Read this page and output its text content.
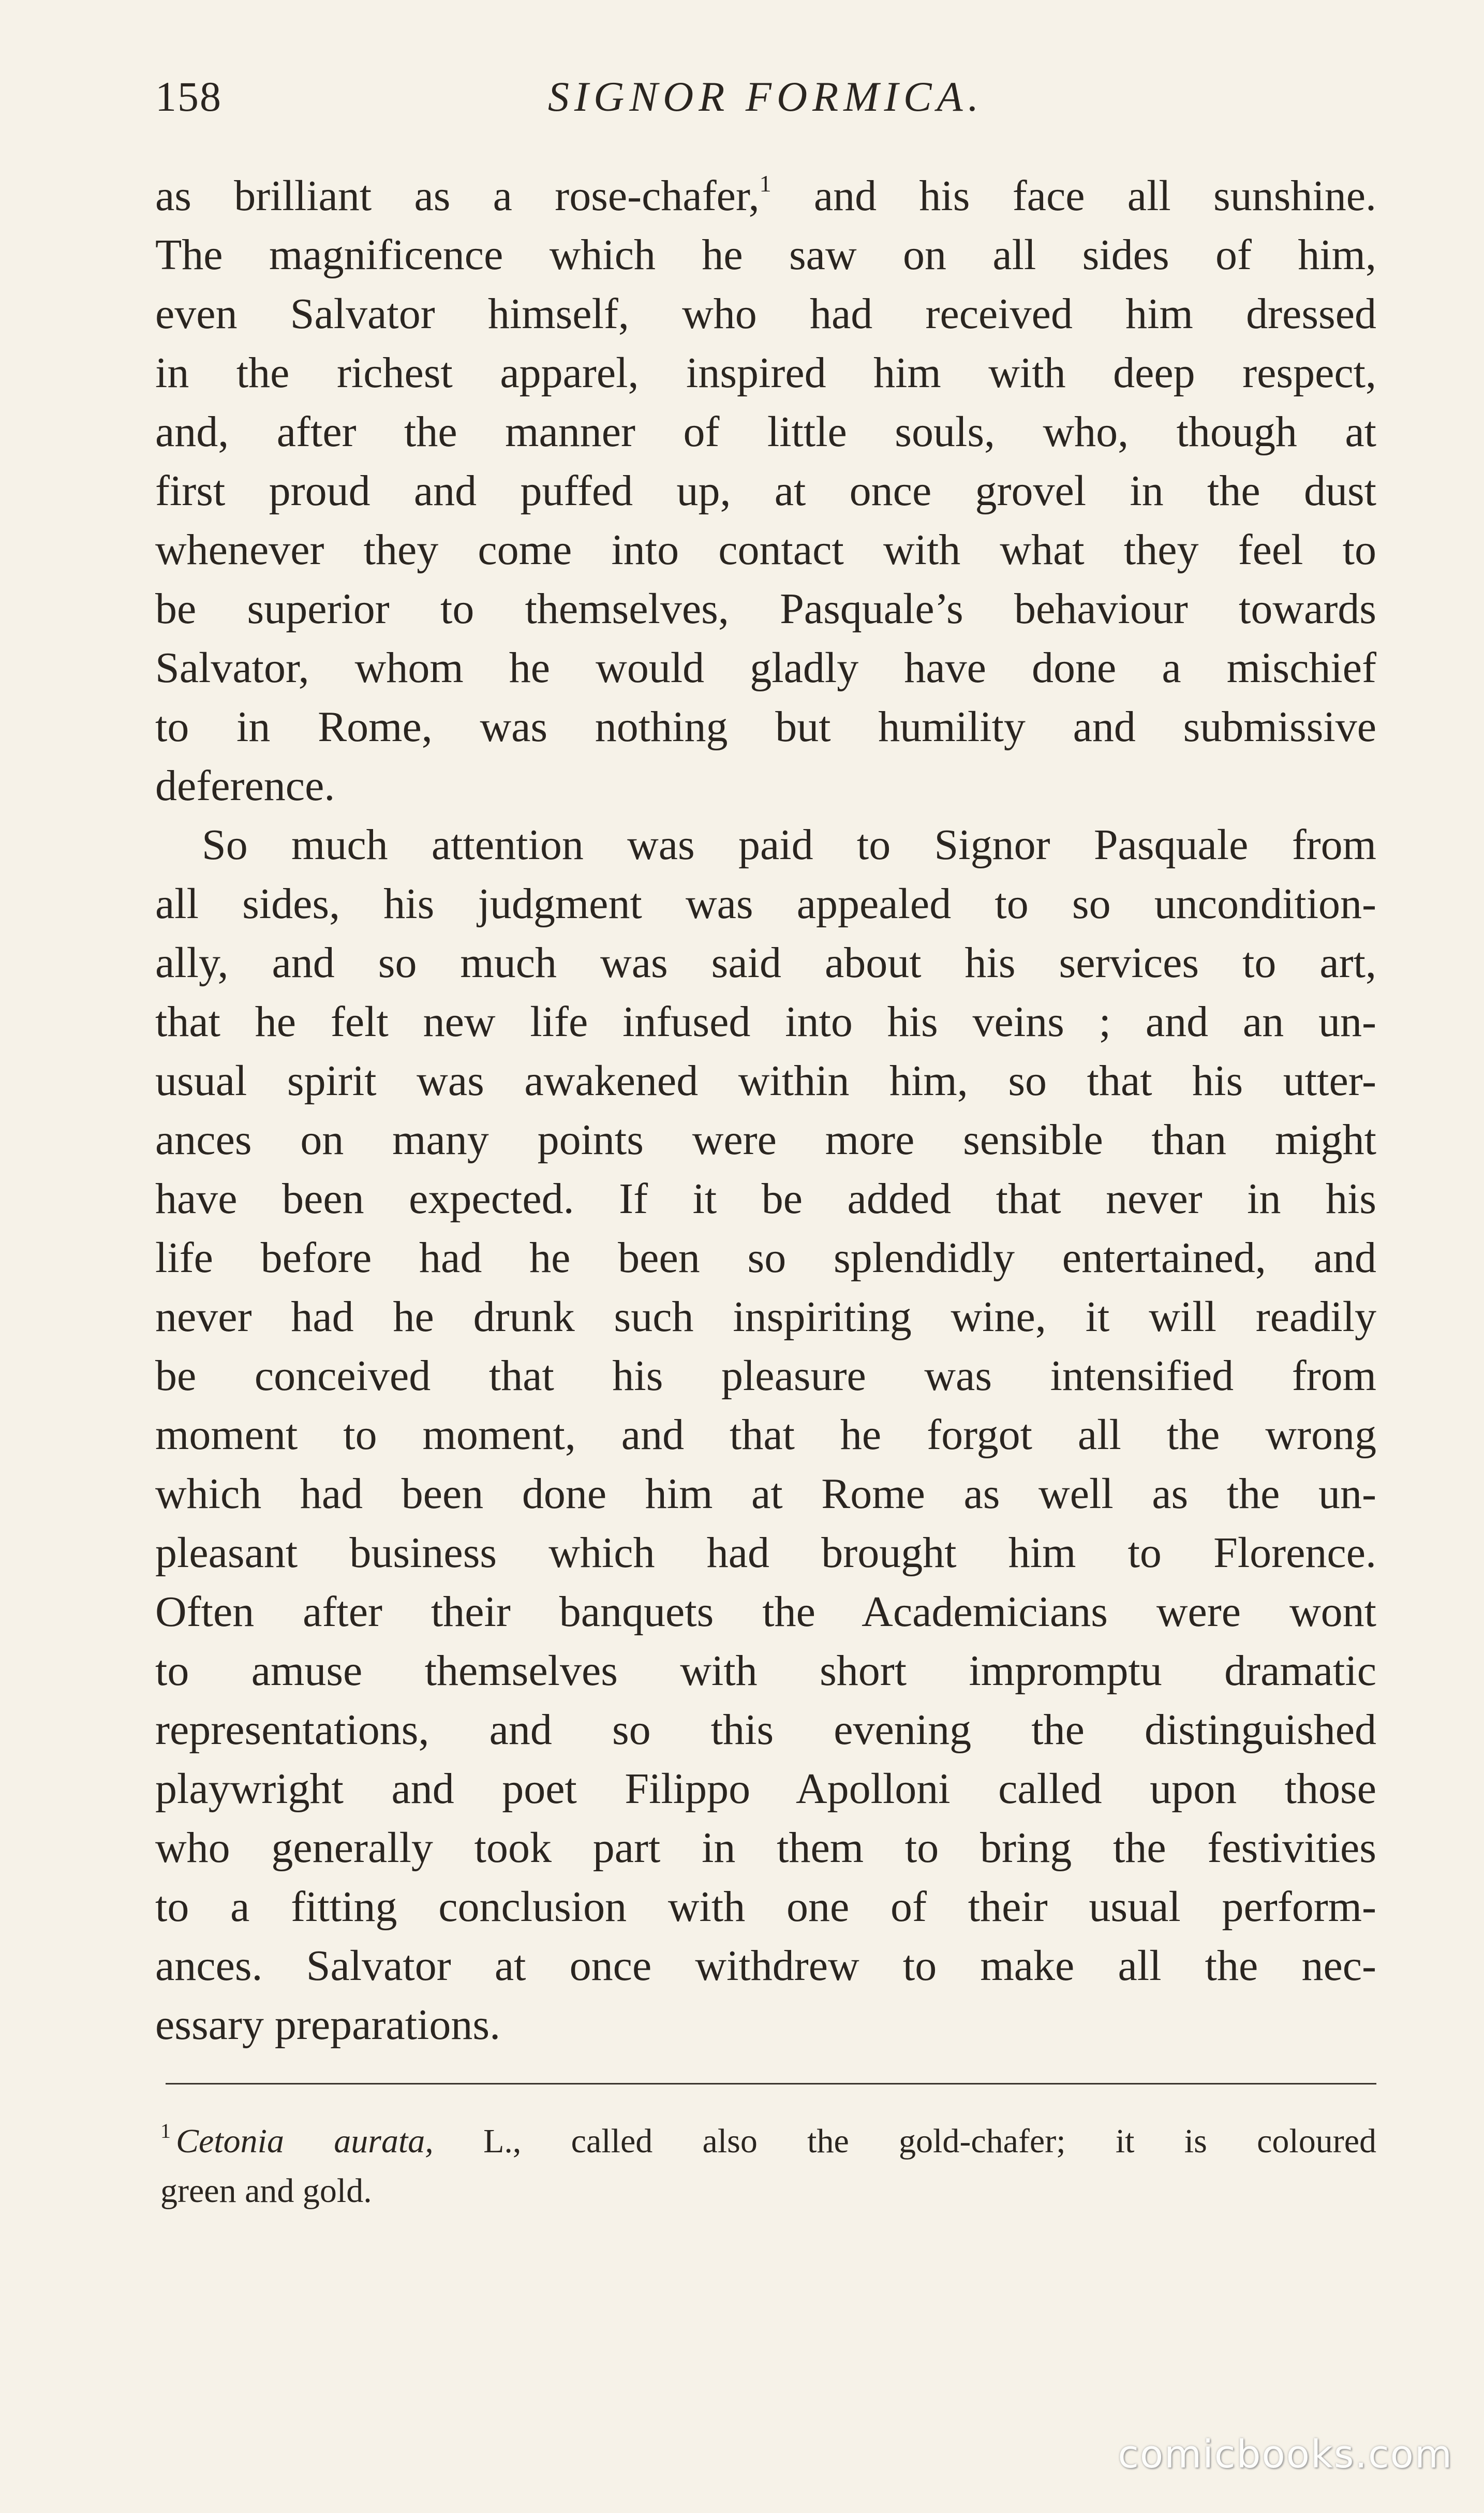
158	SIGNOR FORMICA.
as brilliant as a rose-chafer,$^1$ and his face all sunshine.
The magnificence which he saw on all sides of him,
even Salvator himself, who had received him dressed
in the richest apparel, inspired him with deep respect,
and, after the manner of little souls, who, though at
first proud and puffed up, at once grovel in the dust
whenever they come into contact with what they feel to
be superior to themselves, Pasquale’s behaviour towards
Salvator, whom he would gladly have done a mischief
to in Rome, was nothing but humility and submissive
deference.
So much attention was paid to Signor Pasquale from
all sides, his judgment was appealed to so uncondition-
ally, and so much was said about his services to art,
that he felt new life infused into his veins ; and an un-
usual spirit was awakened within him, so that his utter-
ances on many points were more sensible than might
have been expected. If it be added that never in his
life before had he been so splendidly entertained, and
never had he drunk such inspiriting wine, it will readily
be conceived that his pleasure was intensified from
moment to moment, and that he forgot all the wrong
which had been done him at Rome as well as the un-
pleasant business which had brought him to Florence.
Often after their banquets the Academicians were wont
to amuse themselves with short impromptu dramatic
representations, and so this evening the distinguished
playwright and poet Filippo Apolloni called upon those
who generally took part in them to bring the festivities
to a fitting conclusion with one of their usual perform-
ances. Salvator at once withdrew to make all the nec-
essary preparations.
$^1$ Cetonia aurata, L., called also the gold-chafer; it is coloured
green and gold.
comicbooks.com
